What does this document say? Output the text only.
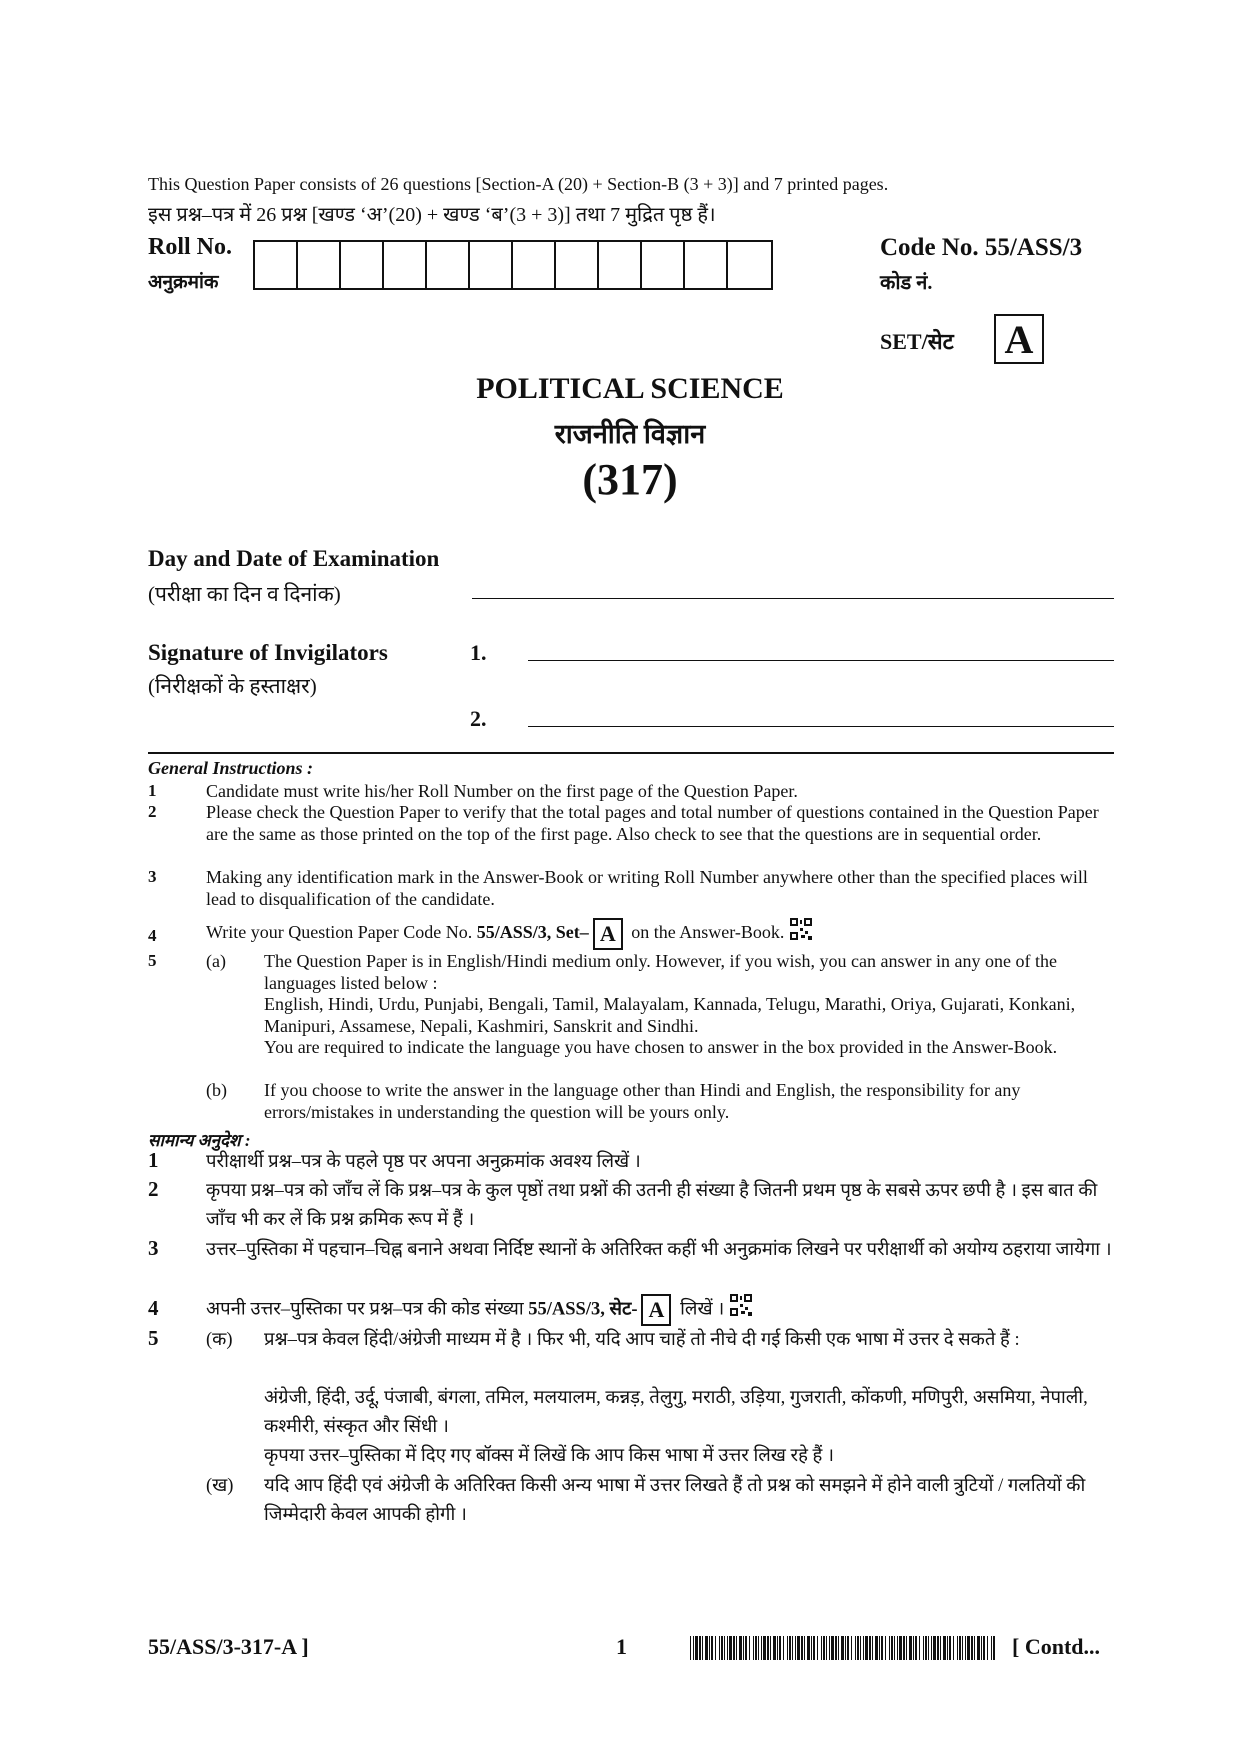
This Question Paper consists of 26 questions [Section-A (20) + Section-B (3 + 3)] and 7 printed pages.
इस प्रश्न–पत्र में 26 प्रश्न [खण्ड ‘अ’(20) + खण्ड ‘ब’(3 + 3)] तथा 7 मुद्रित पृष्ठ हैं।
Roll No.
अनुक्रमांक
Code No. 55/ASS/3
कोड नं.
SET/सेट A
POLITICAL SCIENCE
राजनीति विज्ञान
(317)
Day and Date of Examination
(परीक्षा का दिन व दिनांक)
Signature of Invigilators
(निरीक्षकों के हस्ताक्षर)
1.
2.
General Instructions :
1	Candidate must write his/her Roll Number on the first page of the Question Paper.
2	Please check the Question Paper to verify that the total pages and total number of questions contained in the Question Paper are the same as those printed on the top of the first page. Also check to see that the questions are in sequential order.
3	Making any identification mark in the Answer-Book or writing Roll Number anywhere other than the specified places will lead to disqualification of the candidate.
4	Write your Question Paper Code No. 55/ASS/3, Set– A on the Answer-Book.
5	(a) The Question Paper is in English/Hindi medium only. However, if you wish, you can answer in any one of the languages listed below :
English, Hindi, Urdu, Punjabi, Bengali, Tamil, Malayalam, Kannada, Telugu, Marathi, Oriya, Gujarati, Konkani, Manipuri, Assamese, Nepali, Kashmiri, Sanskrit and Sindhi.
You are required to indicate the language you have chosen to answer in the box provided in the Answer-Book.
(b) If you choose to write the answer in the language other than Hindi and English, the responsibility for any errors/mistakes in understanding the question will be yours only.
सामान्य अनुदेश :
1	परीक्षार्थी प्रश्न–पत्र के पहले पृष्ठ पर अपना अनुक्रमांक अवश्य लिखें ।
2	कृपया प्रश्न–पत्र को जाँच लें कि प्रश्न–पत्र के कुल पृष्ठों तथा प्रश्नों की उतनी ही संख्या है जितनी प्रथम पृष्ठ के सबसे ऊपर छपी है । इस बात की जाँच भी कर लें कि प्रश्न क्रमिक रूप में हैं ।
3	उत्तर–पुस्तिका में पहचान–चिह्न बनाने अथवा निर्दिष्ट स्थानों के अतिरिक्त कहीं भी अनुक्रमांक लिखने पर परीक्षार्थी को अयोग्य ठहराया जायेगा ।
4	अपनी उत्तर–पुस्तिका पर प्रश्न–पत्र की कोड संख्या 55/ASS/3, सेट- A लिखें ।
5	(क) प्रश्न–पत्र केवल हिंदी/अंग्रेजी माध्यम में है । फिर भी, यदि आप चाहें तो नीचे दी गई किसी एक भाषा में उत्तर दे सकते हैं :
अंग्रेजी, हिंदी, उर्दू, पंजाबी, बंगला, तमिल, मलयालम, कन्नड़, तेलुगु, मराठी, उड़िया, गुजराती, कोंकणी, मणिपुरी, असमिया, नेपाली, कश्मीरी, संस्कृत और सिंधी ।
कृपया उत्तर–पुस्तिका में दिए गए बॉक्स में लिखें कि आप किस भाषा में उत्तर लिख रहे हैं ।
(ख) यदि आप हिंदी एवं अंग्रेजी के अतिरिक्त किसी अन्य भाषा में उत्तर लिखते हैं तो प्रश्न को समझने में होने वाली त्रुटियों / गलतियों की जिम्मेदारी केवल आपकी होगी ।
55/ASS/3-317-A ]	1	[ Contd...
